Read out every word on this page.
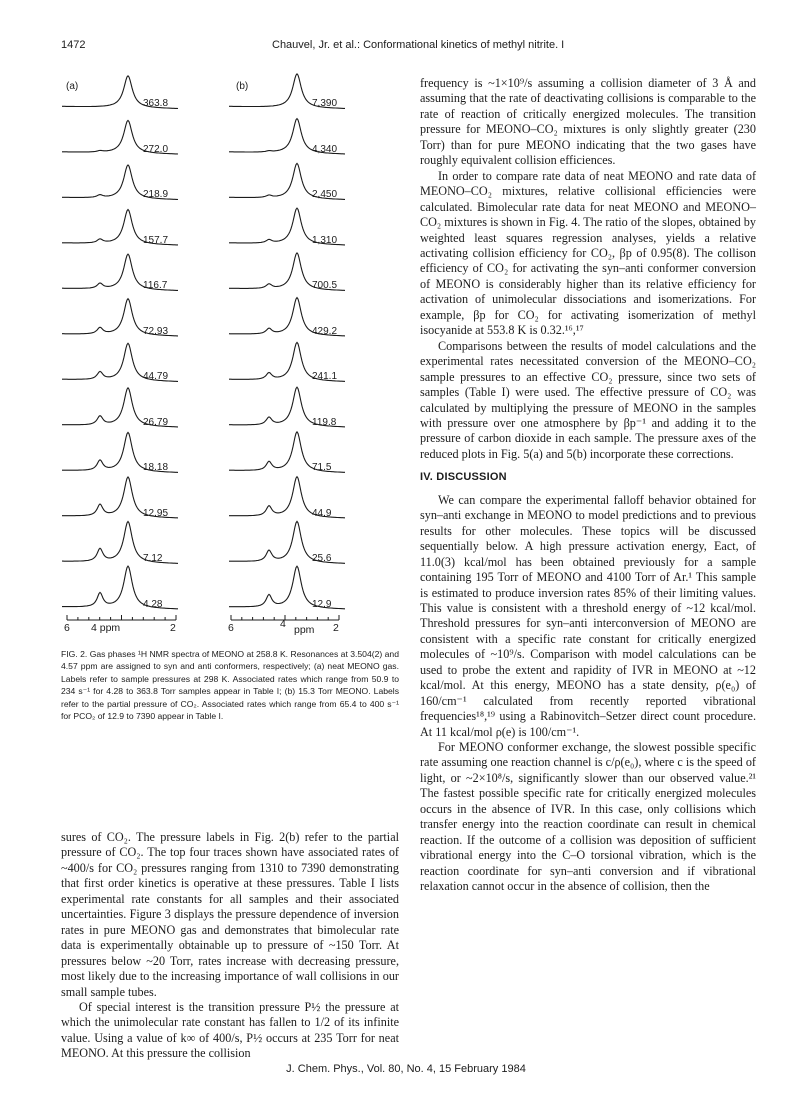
1472	Chauvel, Jr. et al.: Conformational kinetics of methyl nitrite. I
(a)	(b)
363.8	7,390
272.0	4,340
218.9	2,450
157.7	1,310
116.7	700.5
72.93	429.2
44.79	241.1
26.79	119.8
18.18	71.5
12.95	44.9
7.12	25.6
4.28	12.9
6 4 ppm	2	6	4 ppm 2
FIG. 2. Gas phases ¹H NMR spectra of MEONO at 258.8 K. Resonances at 3.504(2) and 4.57 ppm are assigned to syn and anti conformers, respectively; (a) neat MEONO gas. Labels refer to sample pressures at 298 K. Associated rates which range from 50.9 to 234 s⁻¹ for 4.28 to 363.8 Torr samples appear in Table I; (b) 15.3 Torr MEONO. Labels refer to the partial pressure of CO₂. Associated rates which range from 65.4 to 400 s⁻¹ for PCO₂ of 12.9 to 7390 appear in Table I.

sures of CO₂. The pressure labels in Fig. 2(b) refer to the partial pressure of CO₂. The top four traces shown have associated rates of ~400/s for CO₂ pressures ranging from 1310 to 7390 demonstrating that first order kinetics is operative at these pressures. Table I lists experimental rate constants for all samples and their associated uncertainties. Figure 3 displays the pressure dependence of inversion rates in pure MEONO gas and demonstrates that bimolecular rate data is experimentally obtainable up to pressure of ~150 Torr. At pressures below ~20 Torr, rates increase with decreasing pressure, most likely due to the increasing importance of wall collisions in our small sample tubes.

Of special interest is the transition pressure P½ the pressure at which the unimolecular rate constant has fallen to 1/2 of its infinite value. Using a value of k∞ of 400/s, P½ occurs at 235 Torr for neat MEONO. At this pressure the collision

frequency is ~1×10⁹/s assuming a collision diameter of 3 Å and assuming that the rate of deactivating collisions is comparable to the rate of reaction of critically energized molecules. The transition pressure for MEONO–CO₂ mixtures is only slightly greater (230 Torr) than for pure MEONO indicating that the two gases have roughly equivalent collision efficiences.

In order to compare rate data of neat MEONO and rate data of MEONO–CO₂ mixtures, relative collisional efficiencies were calculated. Bimolecular rate data for neat MEONO and MEONO–CO₂ mixtures is shown in Fig. 4. The ratio of the slopes, obtained by weighted least squares regression analyses, yields a relative activating collision efficiency for CO₂, βp of 0.95(8). The collison efficiency of CO₂ for activating the syn–anti conformer conversion of MEONO is considerably higher than its relative efficiency for activation of unimolecular dissociations and isomerizations. For example, βp for CO₂ for activating isomerization of methyl isocyanide at 553.8 K is 0.32.¹⁶,¹⁷

Comparisons between the results of model calculations and the experimental rates necessitated conversion of the MEONO–CO₂ sample pressures to an effective CO₂ pressure, since two sets of samples (Table I) were used. The effective pressure of CO₂ was calculated by multiplying the pressure of MEONO in the samples with pressure over one atmosphere by βp⁻¹ and adding it to the pressure of carbon dioxide in each sample. The pressure axes of the reduced plots in Fig. 5(a) and 5(b) incorporate these corrections.

IV. DISCUSSION

We can compare the experimental falloff behavior obtained for syn–anti exchange in MEONO to model predictions and to previous results for other molecules. These topics will be discussed sequentially below. A high pressure activation energy, Eact, of 11.0(3) kcal/mol has been obtained previously for a sample containing 195 Torr of MEONO and 4100 Torr of Ar.¹ This sample is estimated to produce inversion rates 85% of their limiting values. This value is consistent with a threshold energy of ~12 kcal/mol. Threshold pressures for syn–anti interconversion of MEONO are consistent with a specific rate constant for critically energized molecules of ~10⁹/s. Comparison with model calculations can be used to probe the extent and rapidity of IVR in MEONO at ~12 kcal/mol. At this energy, MEONO has a state density, ρ(e₀) of 160/cm⁻¹ calculated from recently reported vibrational frequencies¹⁸,¹⁹ using a Rabinovitch–Setzer direct count procedure. At 11 kcal/mol ρ(e) is 100/cm⁻¹.

For MEONO conformer exchange, the slowest possible specific rate assuming one reaction channel is c/ρ(e₀), where c is the speed of light, or ~2×10⁸/s, significantly slower than our observed value.²¹ The fastest possible specific rate for critically energized molecules occurs in the absence of IVR. In this case, only collisions which transfer energy into the reaction coordinate can result in chemical reaction. If the outcome of a collision was deposition of sufficient vibrational energy into the C–O torsional vibration, which is the reaction coordinate for syn–anti conversion and if vibrational relaxation cannot occur in the absence of collision, then the

J. Chem. Phys., Vol. 80, No. 4, 15 February 1984
